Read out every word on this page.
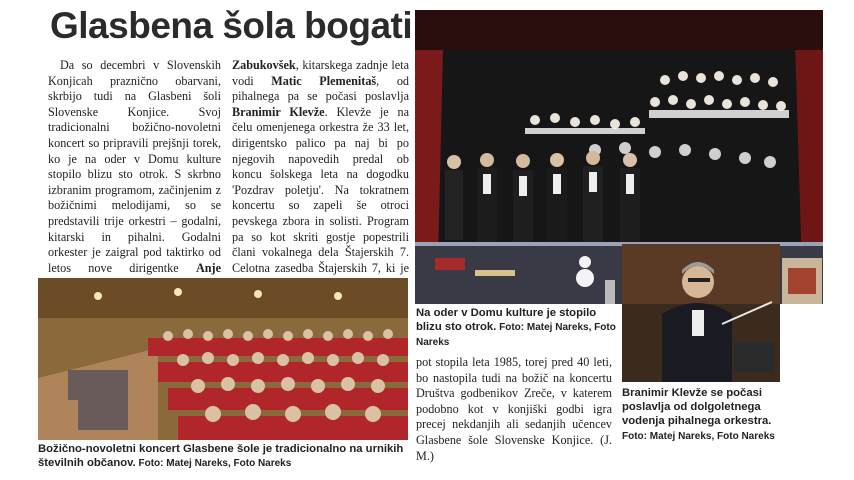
Glasbena šola bogati

Da so decembri v Slovenskih Konjicah praznično obarvani, skrbijo tudi na Glasbeni šoli Slovenske Konjice. Svoj tradicionalni božično-novoletni koncert so pripravili prejšnji torek, ko je na oder v Domu kulture stopilo blizu sto otrok. S skrbno izbranim programom, začinjenim z božičnimi melodijami, so se predstavili trije orkestri – godalni, kitarski in pihalni. Godalni orkester je zaigral pod taktirko od letos nove dirigentke Anje

Zabukovšek, kitarskega zadnje leta vodi Matic Plemenitaš, od pihalnega pa se počasi poslavlja Branimir Klevže. Klevže je na čelu omenjenega orkestra že 33 let, dirigentsko palico pa naj bi po njegovih napovedih predal ob koncu šolskega leta na dogodku 'Pozdrav poletju'. Na tokratnem koncertu so zapeli še otroci pevskega zbora in solisti. Program pa so kot skriti gostje popestrili člani vokalnega dela Štajerskih 7. Celotna zasedba Štajerskih 7, ki je

pot stopila leta 1985, torej pred 40 leti, bo nastopila tudi na božič na koncertu Društva godbenikov Zreče, v katerem podobno kot v konjiški godbi igra precej nekdanjih ali sedanjih učencev Glasbene šole Slovenske Konjice. (J. M.)

Božično-novoletni koncert Glasbene šole je tradicionalno na urnikih številnih občanov. Foto: Matej Nareks, Foto Nareks
Na oder v Domu kulture je stopilo blizu sto otrok. Foto: Matej Nareks, Foto Nareks
Branimir Klevže se počasi poslavlja od dolgoletnega vodenja pihalnega orkestra. Foto: Matej Nareks, Foto Nareks
